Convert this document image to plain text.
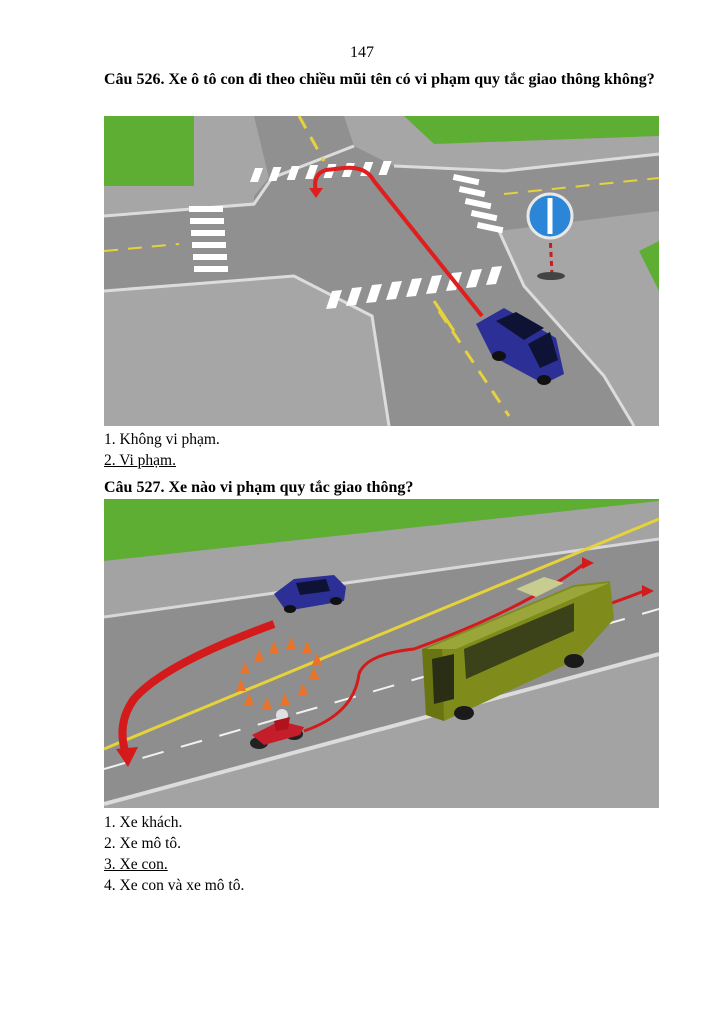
147
Câu 526. Xe ô tô con đi theo chiều mũi tên có vi phạm quy tắc giao thông không?
1. Không vi phạm.
2. Vi phạm.
Câu 527. Xe nào vi phạm quy tắc giao thông?
1. Xe khách.
2. Xe mô tô.
3. Xe con.
4. Xe con và xe mô tô.
